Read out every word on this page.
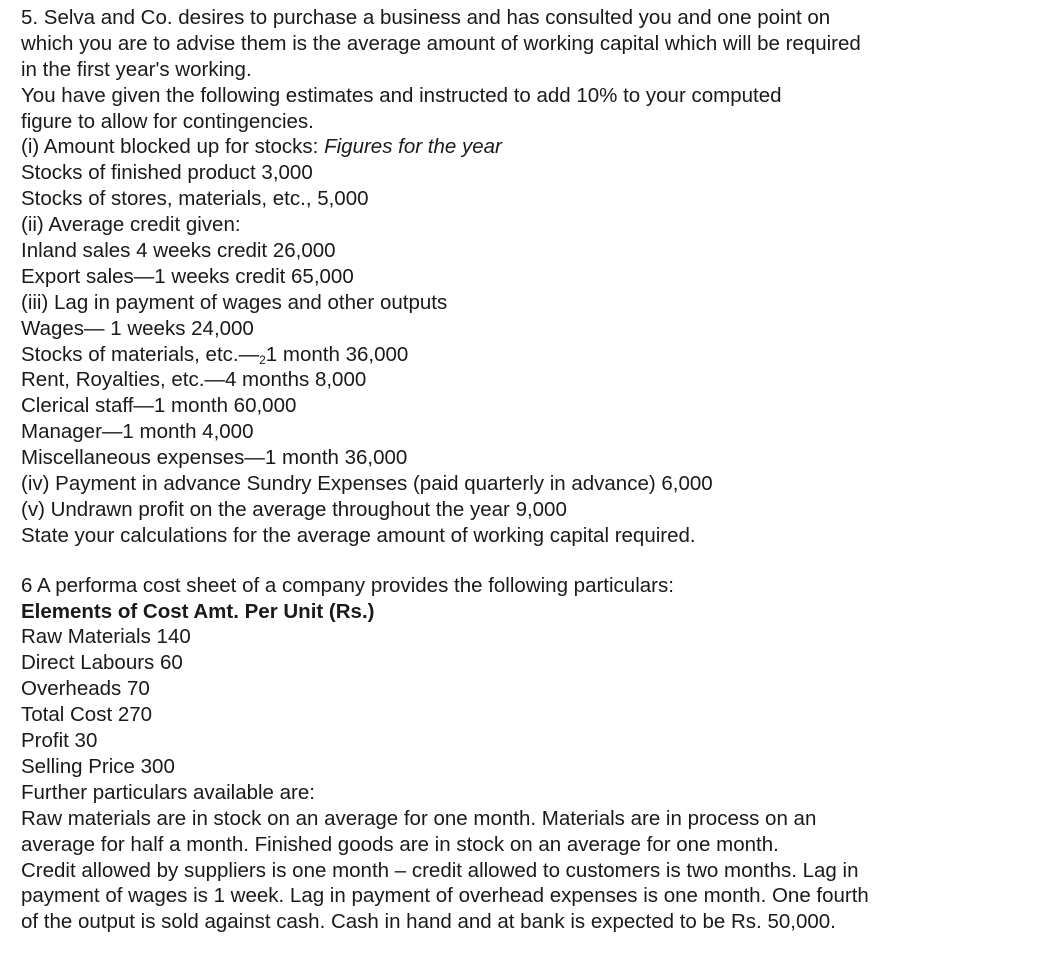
5. Selva and Co. desires to purchase a business and has consulted you and one point on
which you are to advise them is the average amount of working capital which will be required
in the first year's working.
You have given the following estimates and instructed to add 10% to your computed
figure to allow for contingencies.
(i) Amount blocked up for stocks: Figures for the year
Stocks of finished product 3,000
Stocks of stores, materials, etc., 5,000
(ii) Average credit given:
Inland sales 4 weeks credit 26,000
Export sales—1 weeks credit 65,000
(iii) Lag in payment of wages and other outputs
Wages— 1 weeks 24,000
Stocks of materials, etc.—21 month 36,000
Rent, Royalties, etc.—4 months 8,000
Clerical staff—1 month 60,000
Manager—1 month 4,000
Miscellaneous expenses—1 month 36,000
(iv) Payment in advance Sundry Expenses (paid quarterly in advance) 6,000
(v) Undrawn profit on the average throughout the year 9,000
State your calculations for the average amount of working capital required.
6 A performa cost sheet of a company provides the following particulars:
Elements of Cost Amt. Per Unit (Rs.)
Raw Materials 140
Direct Labours 60
Overheads 70
Total Cost 270
Profit 30
Selling Price 300
Further particulars available are:
Raw materials are in stock on an average for one month. Materials are in process on an
average for half a month. Finished goods are in stock on an average for one month.
Credit allowed by suppliers is one month – credit allowed to customers is two months. Lag in
payment of wages is 1 week. Lag in payment of overhead expenses is one month. One fourth
of the output is sold against cash. Cash in hand and at bank is expected to be Rs. 50,000.
